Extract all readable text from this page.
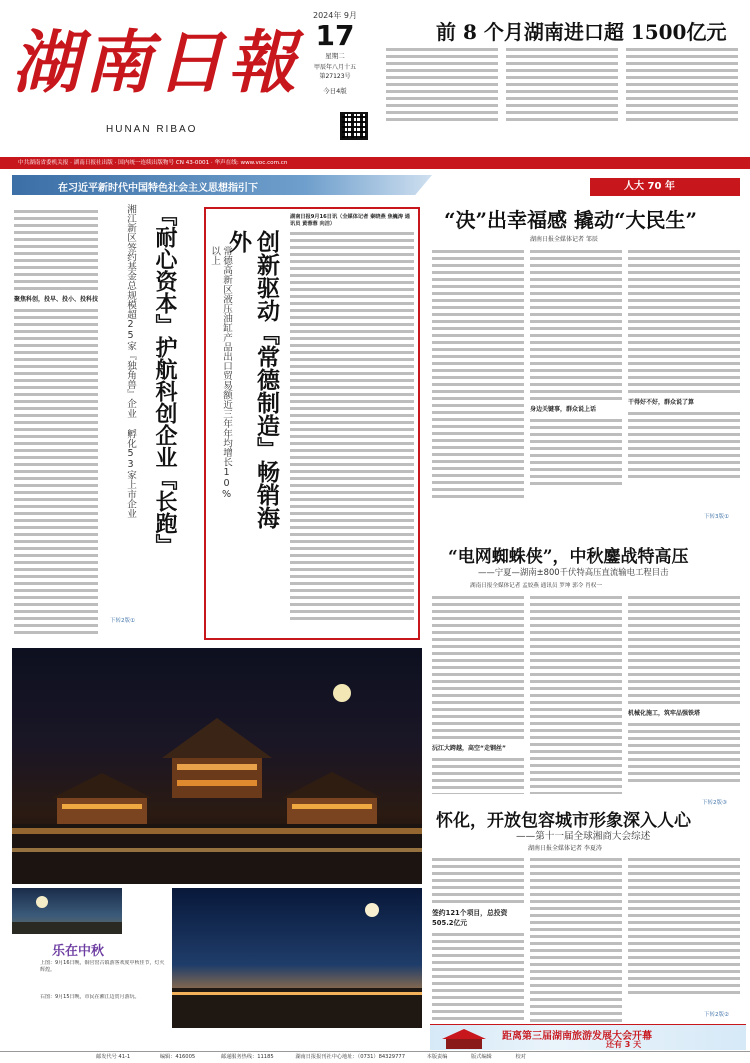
湖南日報
HUNAN RIBAO
2024年 9月
17
星期二
甲辰年八月十五
第27123号
今日4版
前 8 个月湖南进口超 1500亿元
中共湖南省委机关报 · 湖南日报社出版 · 国内统一连续出版物号 CN 43-0001 · 华声在线: www.voc.com.cn
在习近平新时代中国特色社会主义思想指引下
聚焦科创，投早、投小、投科技
下转2版①
『耐心资本』护航科创企业『长跑』
湘江新区签约基金总规模超25家『独角兽』企业 孵化53家上市企业	创新驱动『常德制造』畅销海外
常德高新区液压油缸产品出口贸易额近三年年均增长10%以上
湖南日报9月16日讯（全媒体记者 秦晓燕 焦巍涛 通讯员 黄蓉蓉 向洁）
人大 70 年
“决”出幸福感 撬动“大民生”
湖南日报全媒体记者 邹辰
身边关键事，群众说上话
干得好不好，群众说了算
下转3版①
“电网蜘蛛侠”，中秋鏖战特高压
——宁夏—湖南±800千伏特高压直流输电工程目击
湖南日报全媒体记者 孟姣燕 通讯员 罗坤 郭令 肖权一
沅江大跨越，高空“走钢丝”
机械化施工，筑牢品强铁塔
下转2版③
乐在中秋
上图：9月16日晚，铜官窑古镇游客欢度中秋佳节，灯火辉煌。
右图：9月15日晚，市民在湘江边赏月游玩。
怀化，开放包容城市形象深入人心
——第十一届全球湘商大会综述
湖南日报全媒体记者 李夏涛
签约121个项目，总投资505.2亿元
下转2版②
距离第三届湖南旅游发展大会开幕
还有 3 天
邮发代号 41-1	编辑：416005	邮递服务热线：11185	湖南日报报刊社中心地址：（0731）84329777	本版责编	版式编辑	校对
